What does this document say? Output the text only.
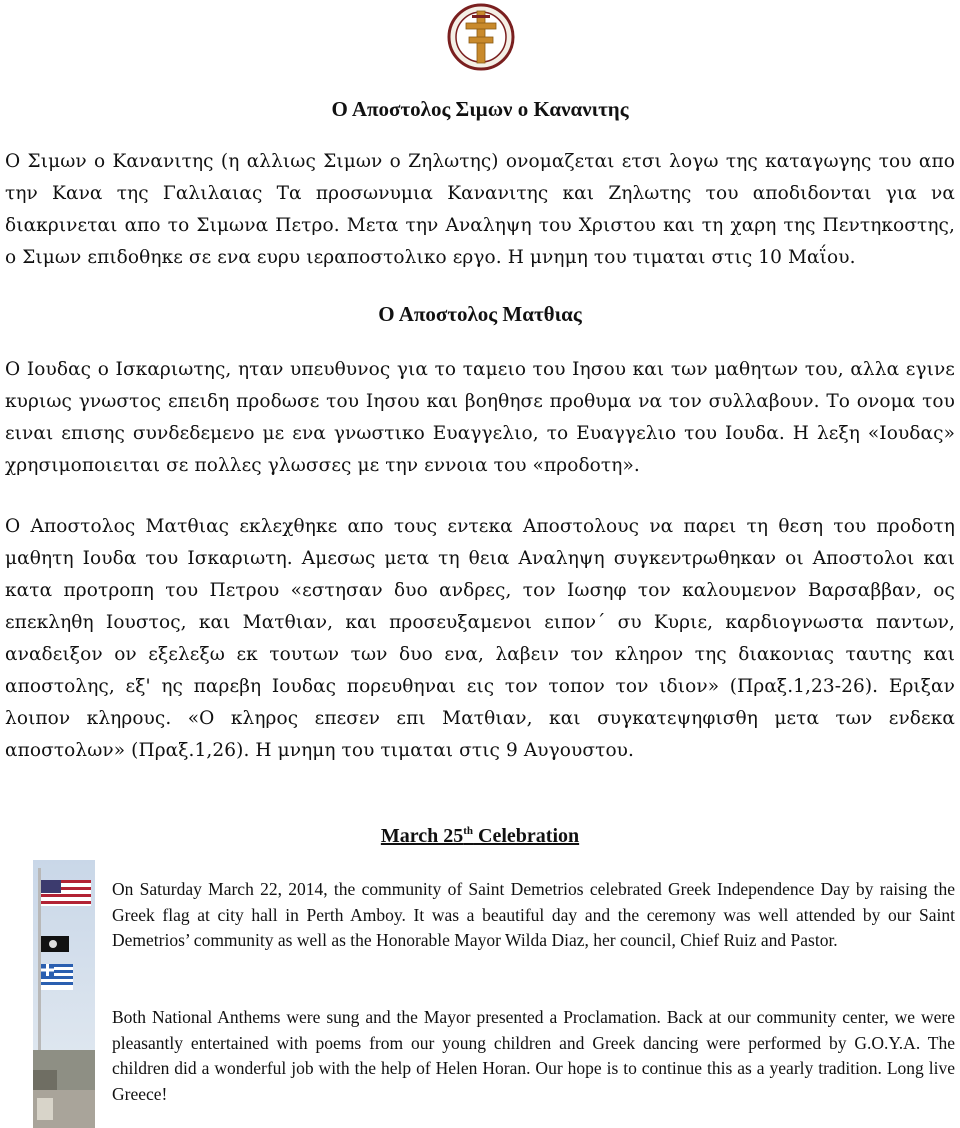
Ο Αποστολος Σιμων ο Κανανιτης

Ο Σιμων ο Κανανιτης (η αλλιως Σιμων ο Ζηλωτης) ονομαζεται ετσι λογω της καταγωγης του απο την Κανα της Γαλιλαιας Τα προσωνυμια Κανανιτης και Ζηλωτης του αποδιδονται για να διακρινεται απο το Σιμωνα Πετρο. Μετα την Αναληψη του Χριστου και τη χαρη της Πεντηκοστης, ο Σιμων επιδοθηκε σε ενα ευρυ ιεραποστολικο εργο. Η μνημη του τιμαται στις 10 Μαΐου.

Ο Αποστολος Ματθιας

Ο Ιουδας ο Ισκαριωτης, ηταν υπευθυνος για το ταμειο του Ιησου και των μαθητων του, αλλα εγινε κυριως γνωστος επειδη προδωσε του Ιησου και βοηθησε προθυμα να τον συλλαβουν. Το ονομα του ειναι επισης συνδεδεμενο με ενα γνωστικο Ευαγγελιο, το Ευαγγελιο του Ιουδα. Η λεξη «Ιουδας» χρησιμοποιειται σε πολλες γλωσσες με την εννοια του «προδοτη».

Ο Αποστολος Ματθιας εκλεχθηκε απο τους εντεκα Αποστολους να παρει τη θεση του προδοτη μαθητη Ιουδα του Ισκαριωτη. Αμεσως μετα τη θεια Αναληψη συγκεντρωθηκαν οι Αποστολοι και κατα προτροπη του Πετρου «εστησαν δυο ανδρες, τον Ιωσηφ τον καλουμενον Βαρσαββαν, ος επεκληθη Ιουστος, και Ματθιαν, και προσευξαμενοι ειπον΄ συ Κυριε, καρδιογνωστα παντων, αναδειξον ον εξελεξω εκ τουτων των δυο ενα, λαβειν τον κληρον της διακονιας ταυτης και αποστολης, εξ' ης παρεβη Ιουδας πορευθηναι εις τον τοπον τον ιδιον» (Πραξ.1,23-26). Εριξαν λοιπον κληρους. «Ο κληρος επεσεν επι Ματθιαν, και συγκατεψηφισθη μετα των ενδεκα αποστολων» (Πραξ.1,26). Η μνημη του τιμαται στις 9 Αυγουστου.

March 25th Celebration

On Saturday March 22, 2014, the community of Saint Demetrios celebrated Greek Independence Day by raising the Greek flag at city hall in Perth Amboy. It was a beautiful day and the ceremony was well attended by our Saint Demetrios’ community as well as the Honorable Mayor Wilda Diaz, her council, Chief Ruiz and Pastor.

Both National Anthems were sung and the Mayor presented a Proclamation. Back at our community center, we were pleasantly entertained with poems from our young children and Greek dancing were performed by G.O.Y.A. The children did a wonderful job with the help of Helen Horan. Our hope is to continue this as a yearly tradition. Long live Greece!
